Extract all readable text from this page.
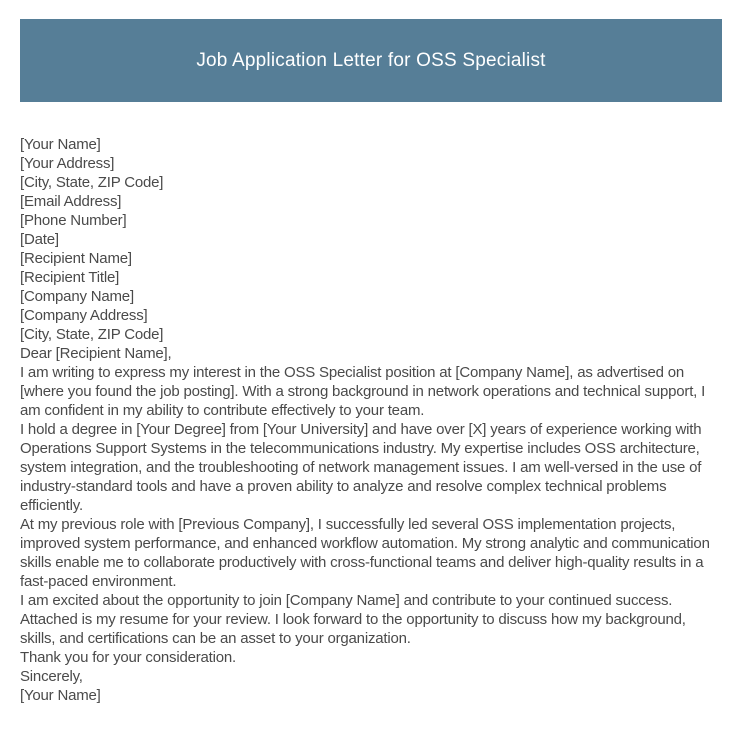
Job Application Letter for OSS Specialist
[Your Name]
[Your Address]
[City, State, ZIP Code]
[Email Address]
[Phone Number]
[Date]
[Recipient Name]
[Recipient Title]
[Company Name]
[Company Address]
[City, State, ZIP Code]
Dear [Recipient Name],
I am writing to express my interest in the OSS Specialist position at [Company Name], as advertised on [where you found the job posting]. With a strong background in network operations and technical support, I am confident in my ability to contribute effectively to your team.
I hold a degree in [Your Degree] from [Your University] and have over [X] years of experience working with Operations Support Systems in the telecommunications industry. My expertise includes OSS architecture, system integration, and the troubleshooting of network management issues. I am well-versed in the use of industry-standard tools and have a proven ability to analyze and resolve complex technical problems efficiently.
At my previous role with [Previous Company], I successfully led several OSS implementation projects, improved system performance, and enhanced workflow automation. My strong analytic and communication skills enable me to collaborate productively with cross-functional teams and deliver high-quality results in a fast-paced environment.
I am excited about the opportunity to join [Company Name] and contribute to your continued success. Attached is my resume for your review. I look forward to the opportunity to discuss how my background, skills, and certifications can be an asset to your organization.
Thank you for your consideration.
Sincerely,
[Your Name]
